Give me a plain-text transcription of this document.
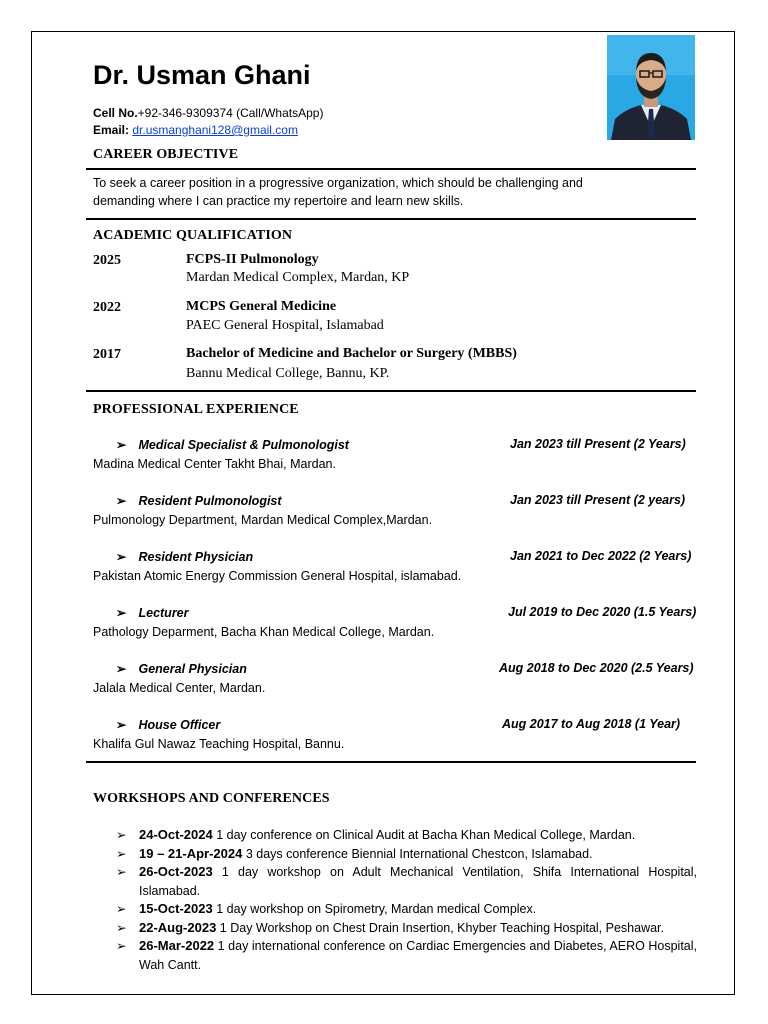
Dr. Usman Ghani
Cell No.+92-346-9309374 (Call/WhatsApp)
Email: dr.usmanghani128@gmail.com
CAREER OBJECTIVE
To seek a career position in a progressive organization, which should be challenging and
demanding where I can practice my repertoire and learn new skills.
ACADEMIC QUALIFICATION
2025	FCPS-II Pulmonology
Mardan Medical Complex, Mardan, KP
2022	MCPS General Medicine
PAEC General Hospital, Islamabad
2017	Bachelor of Medicine and Bachelor or Surgery (MBBS)
Bannu Medical College, Bannu, KP.
PROFESSIONAL EXPERIENCE
➢ Medical Specialist & Pulmonologist	Jan 2023 till Present (2 Years)
Madina Medical Center Takht Bhai, Mardan.
➢ Resident Pulmonologist	Jan 2023 till Present (2 years)
Pulmonology Department, Mardan Medical Complex,Mardan.
➢ Resident Physician	Jan 2021 to Dec 2022 (2 Years)
Pakistan Atomic Energy Commission General Hospital, islamabad.
➢ Lecturer	Jul 2019 to Dec 2020 (1.5 Years)
Pathology Deparment, Bacha Khan Medical College, Mardan.
➢ General Physician	Aug 2018 to Dec 2020 (2.5 Years)
Jalala Medical Center, Mardan.
➢ House Officer	Aug 2017 to Aug 2018 (1 Year)
Khalifa Gul Nawaz Teaching Hospital, Bannu.
WORKSHOPS AND CONFERENCES
➢ 24-Oct-2024 1 day conference on Clinical Audit at Bacha Khan Medical College, Mardan.
➢ 19 – 21-Apr-2024 3 days conference Biennial International Chestcon, Islamabad.
➢ 26-Oct-2023 1 day workshop on Adult Mechanical Ventilation, Shifa International Hospital, Islamabad.
➢ 15-Oct-2023 1 day workshop on Spirometry, Mardan medical Complex.
➢ 22-Aug-2023 1 Day Workshop on Chest Drain Insertion, Khyber Teaching Hospital, Peshawar.
➢ 26-Mar-2022 1 day international conference on Cardiac Emergencies and Diabetes, AERO Hospital, Wah Cantt.
